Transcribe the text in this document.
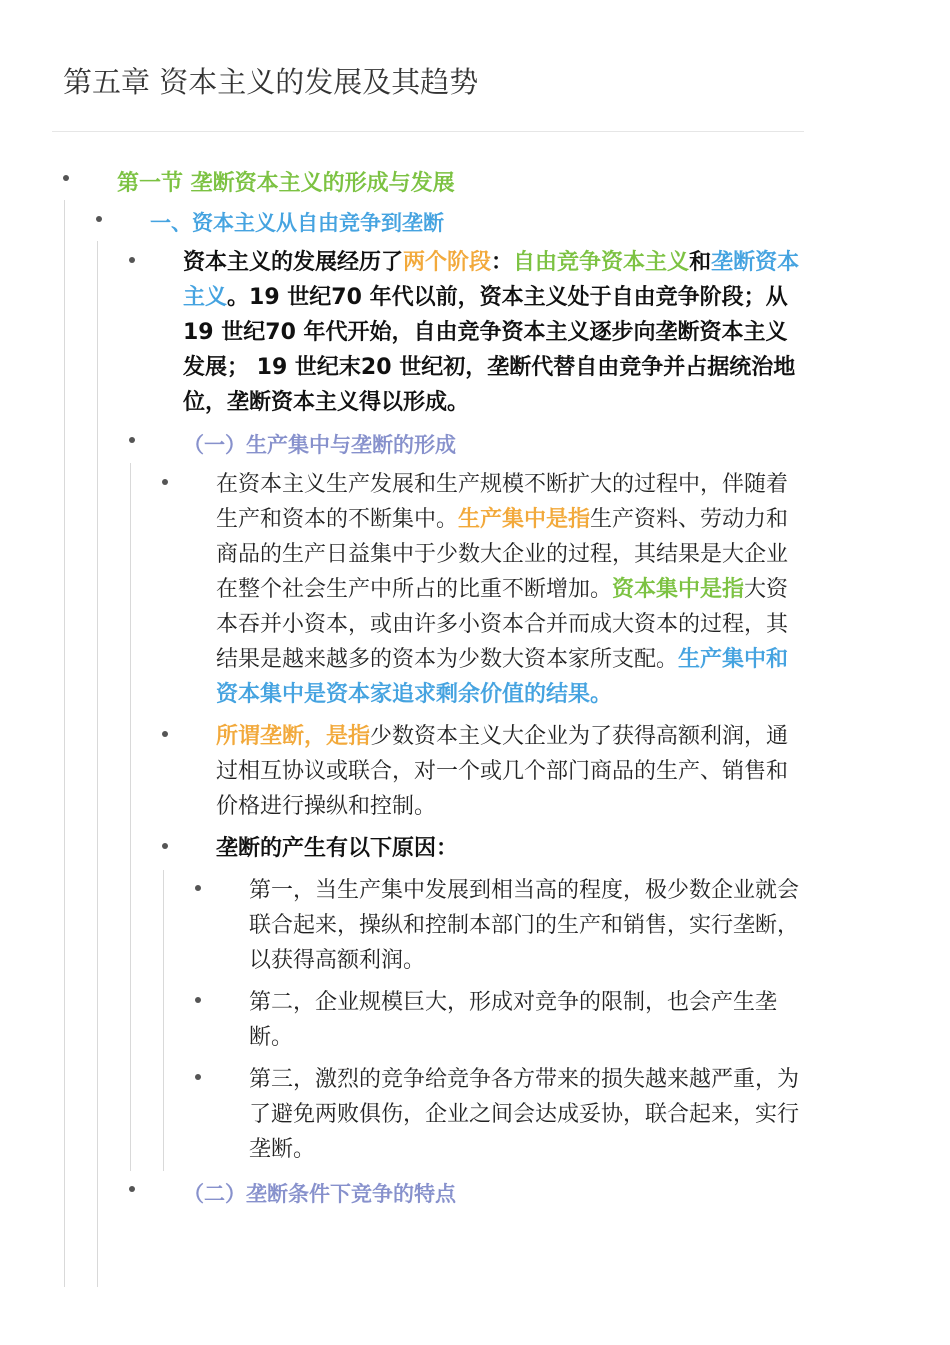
第五章 资本主义的发展及其趋势
第一节 垄断资本主义的形成与发展
一、资本主义从自由竞争到垄断

资本主义的发展经历了两个阶段：自由竞争资本主义和垄断资本主义。19 世纪70 年代以前，资本主义处于自由竞争阶段；从19 世纪70 年代开始，自由竞争资本主义逐步向垄断资本主义发展； 19 世纪末20 世纪初，垄断代替自由竞争并占据统治地位，垄断资本主义得以形成。

（一）生产集中与垄断的形成

在资本主义生产发展和生产规模不断扩大的过程中，伴随着生产和资本的不断集中。生产集中是指生产资料、劳动力和商品的生产日益集中于少数大企业的过程，其结果是大企业在整个社会生产中所占的比重不断增加。资本集中是指大资本吞并小资本，或由许多小资本合并而成大资本的过程，其结果是越来越多的资本为少数大资本家所支配。生产集中和资本集中是资本家追求剩余价值的结果。

所谓垄断，是指少数资本主义大企业为了获得高额利润，通过相互协议或联合，对一个或几个部门商品的生产、销售和价格进行操纵和控制。

垄断的产生有以下原因：

第一，当生产集中发展到相当高的程度，极少数企业就会联合起来，操纵和控制本部门的生产和销售，实行垄断，以获得高额利润。

第二，企业规模巨大，形成对竞争的限制，也会产生垄断。

第三，激烈的竞争给竞争各方带来的损失越来越严重，为了避免两败俱伤，企业之间会达成妥协，联合起来，实行垄断。

（二）垄断条件下竞争的特点
